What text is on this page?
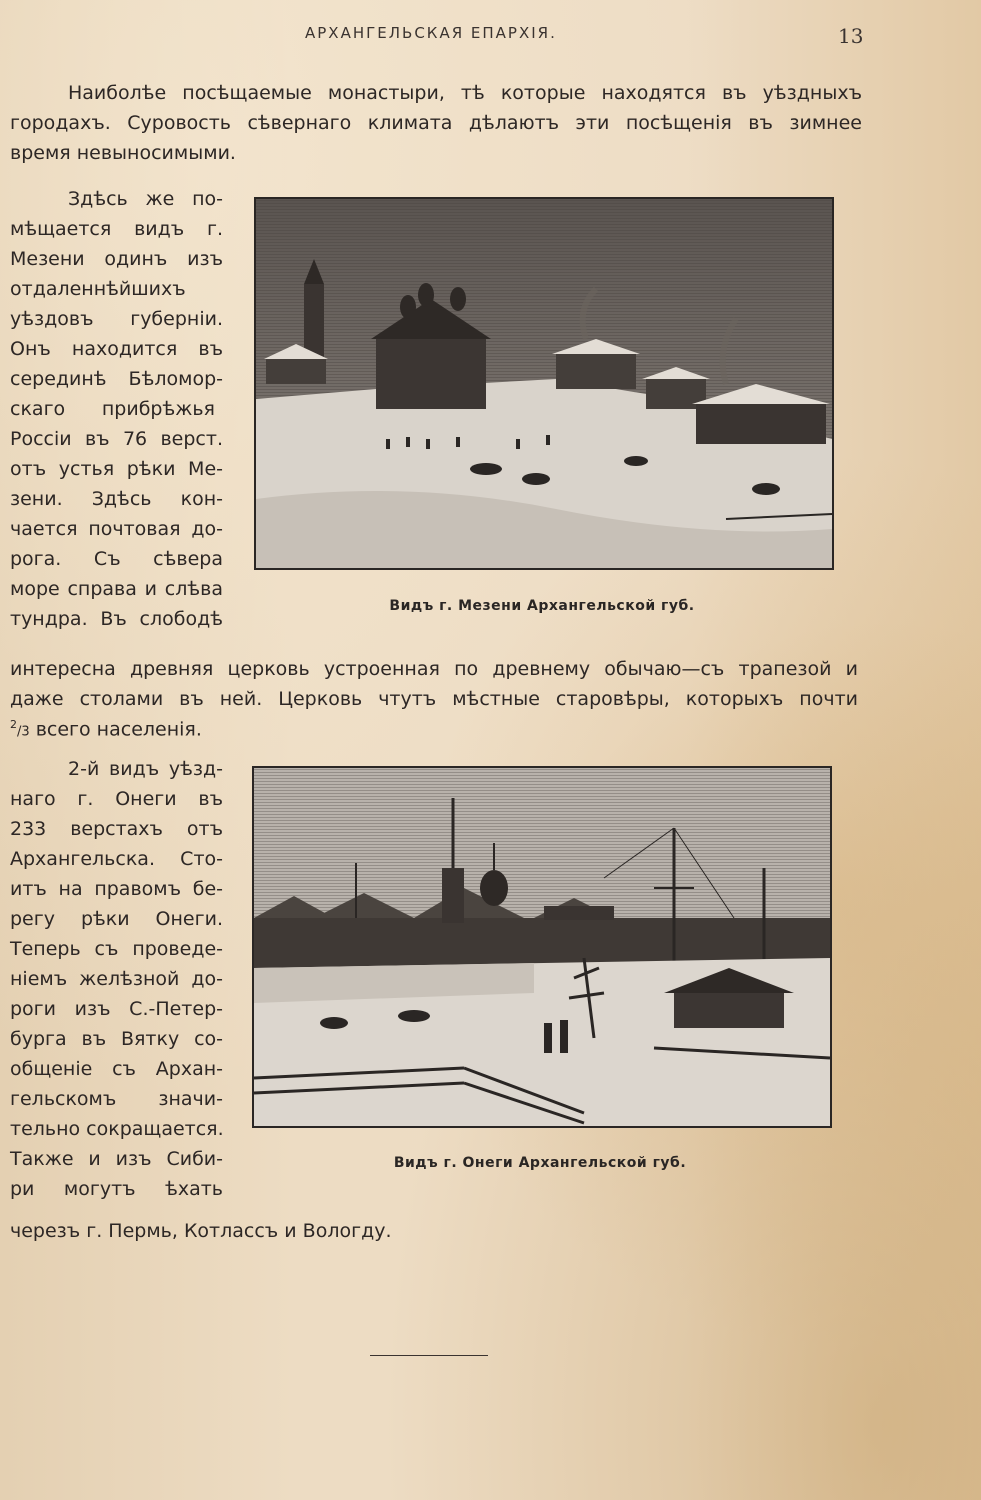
АРХАНГЕЛЬСКАЯ ЕПАРХІЯ.	13
Наиболѣе посѣщаемые монастыри, тѣ которые находятся въ уѣздныхъ
городахъ. Суровость сѣвернаго климата дѣлаютъ эти посѣщенія въ зимнее
время невыносимыми.
Здѣсь же по-
мѣщается видъ г.
Мезени одинъ изъ
отдаленнѣйшихъ
уѣздовъ губерніи.
Онъ находится въ
серединѣ Бѣломор-
скаго прибрѣжья
Россіи въ 76 верст.
отъ устья рѣки Ме-
зени. Здѣсь кон-
чается почтовая до-
рога. Съ сѣвера
море справа и слѣва
тундра. Въ слободѣ
Видъ г. Мезени Архангельской губ.
интересна древняя церковь устроенная по древнему обычаю—съ трапезой и
даже столами въ ней. Церковь чтутъ мѣстные старовѣры, которыхъ почти
$^2$/3 всего населенія.
2-й видъ уѣзд-
наго г. Онеги въ
233 верстахъ отъ
Архангельска. Сто-
итъ на правомъ бе-
регу рѣки Онеги.
Теперь съ проведе-
ніемъ желѣзной до-
роги изъ С.-Петер-
бурга въ Вятку со-
общеніе съ Архан-
гельскомъ значи-
тельно сокращается.
Также и изъ Сиби-
ри могутъ ѣхать
Видъ г. Онеги Архангельской губ.
черезъ г. Пермь, Котлассъ и Вологду.
